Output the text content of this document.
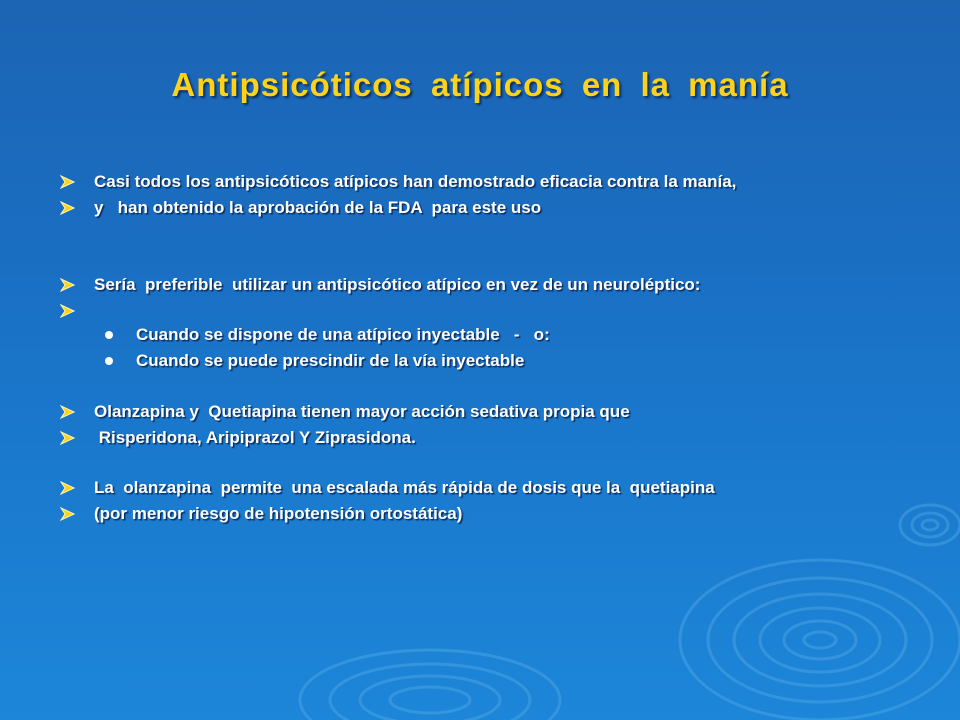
Antipsicóticos atípicos en la manía
Casi todos los antipsicóticos atípicos han demostrado eficacia contra la manía,
y   han obtenido la aprobación de la FDA  para este uso
Sería  preferible  utilizar un antipsicótico atípico en vez de un neuroléptico:
Cuando se dispone de una atípico inyectable   -   o:
Cuando se puede prescindir de la vía inyectable
Olanzapina y  Quetiapina tienen mayor acción sedativa propia que
Risperidona, Aripiprazol Y Ziprasidona.
La  olanzapina  permite  una escalada más rápida de dosis que la  quetiapina
(por menor riesgo de hipotensión ortostática)
